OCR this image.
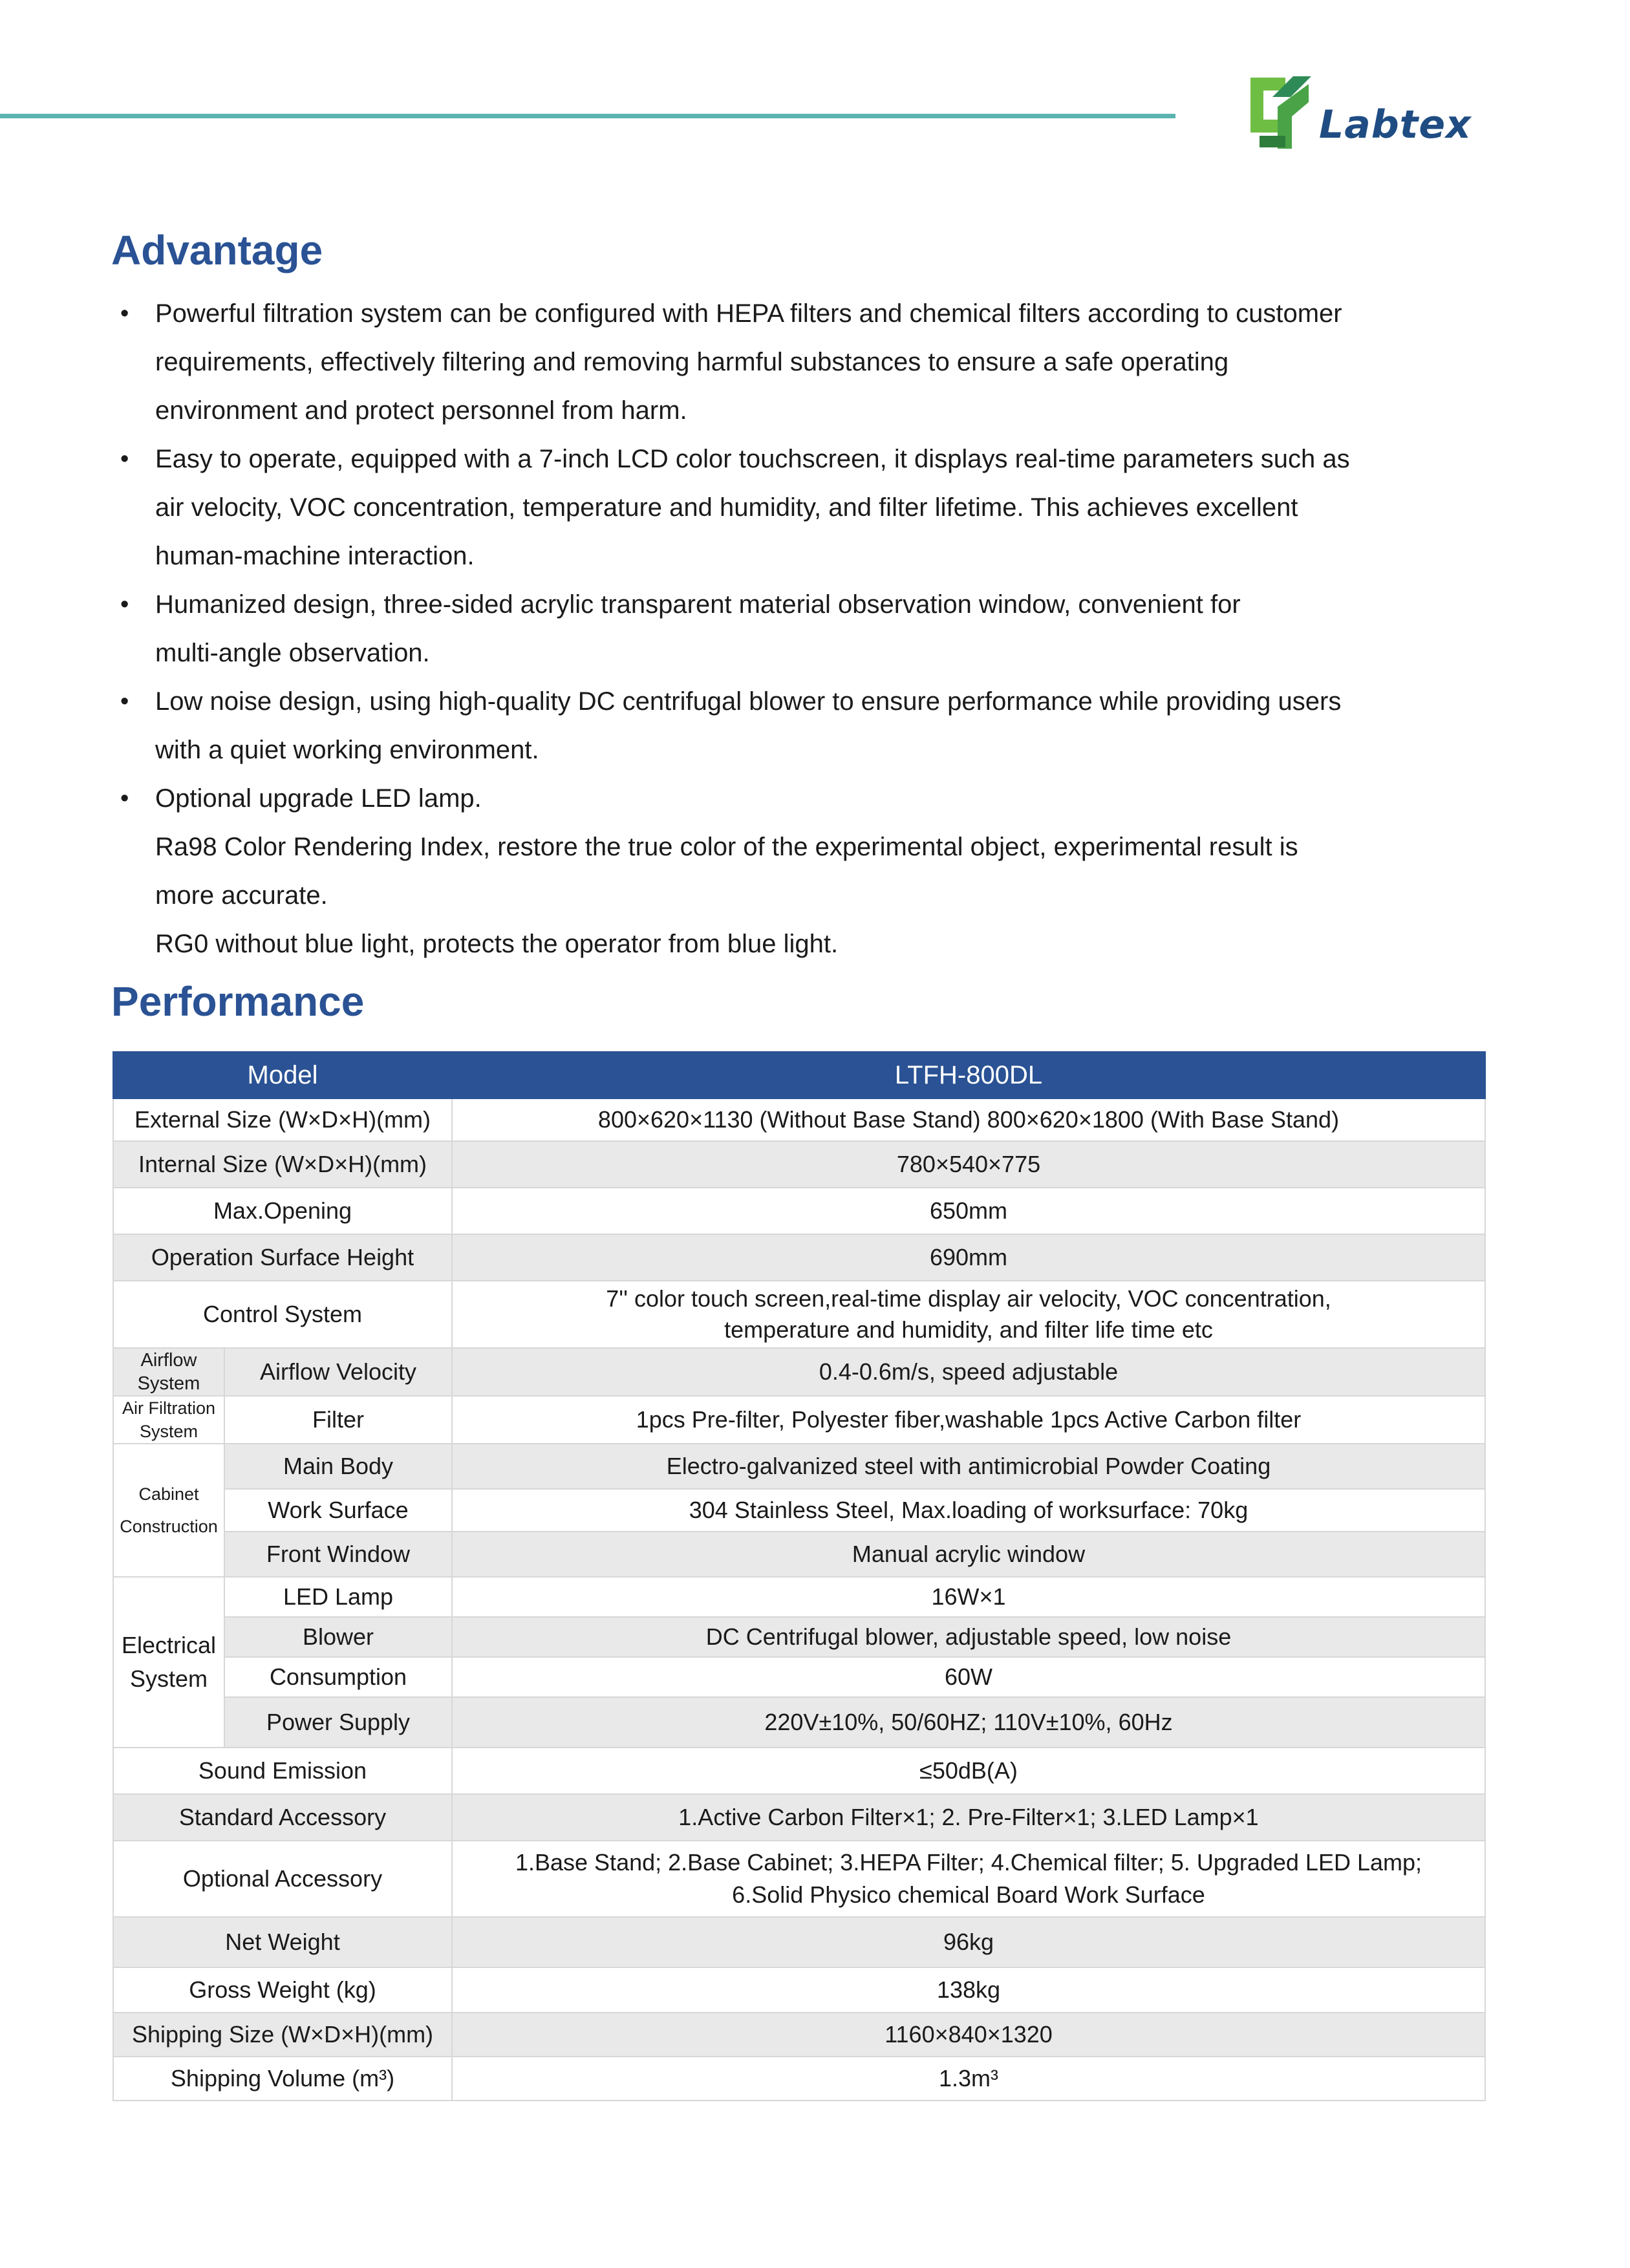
Labtex
Advantage
• Powerful filtration system can be configured with HEPA filters and chemical filters according to customer
requirements, effectively filtering and removing harmful substances to ensure a safe operating
environment and protect personnel from harm.
• Easy to operate, equipped with a 7-inch LCD color touchscreen, it displays real-time parameters such as
air velocity, VOC concentration, temperature and humidity, and filter lifetime. This achieves excellent
human-machine interaction.
• Humanized design, three-sided acrylic transparent material observation window, convenient for
multi-angle observation.
• Low noise design, using high-quality DC centrifugal blower to ensure performance while providing users
with a quiet working environment.
• Optional upgrade LED lamp.
Ra98 Color Rendering Index, restore the true color of the experimental object, experimental result is
more accurate.
RG0 without blue light, protects the operator from blue light.
Performance
Model		LTFH-800DL
External Size (W×D×H)(mm)		800×620×1130 (Without Base Stand) 800×620×1800 (With Base Stand)
Internal Size (W×D×H)(mm)		780×540×775
Max.Opening		650mm
Operation Surface Height		690mm
Control System		7'' color touch screen,real-time display air velocity, VOC concentration,
temperature and humidity, and filter life time etc

Airflow System	Airflow Velocity	0.4-0.6m/s, speed adjustable
Air Filtration System	Filter	1pcs Pre-filter, Polyester fiber,washable 1pcs Active Carbon filter

Cabinet
Construction	Main Body	Electro-galvanized steel with antimicrobial Powder Coating
	Work Surface	304 Stainless Steel, Max.loading of worksurface: 70kg
	Front Window	Manual acrylic window

Electrical
System	LED Lamp	16W×1
	Blower	DC Centrifugal blower, adjustable speed, low noise
	Consumption	60W
	Power Supply	220V±10%, 50/60HZ; 110V±10%, 60Hz
Sound Emission		≤50dB(A)
Standard Accessory		1.Active Carbon Filter×1; 2. Pre-Filter×1; 3.LED Lamp×1
Optional Accessory		1.Base Stand; 2.Base Cabinet; 3.HEPA Filter; 4.Chemical filter; 5. Upgraded LED Lamp;
6.Solid Physico chemical Board Work Surface

Net Weight		96kg
Gross Weight (kg)		138kg
Shipping Size (W×D×H)(mm)		1160×840×1320
Shipping Volume (m³)		1.3m³
